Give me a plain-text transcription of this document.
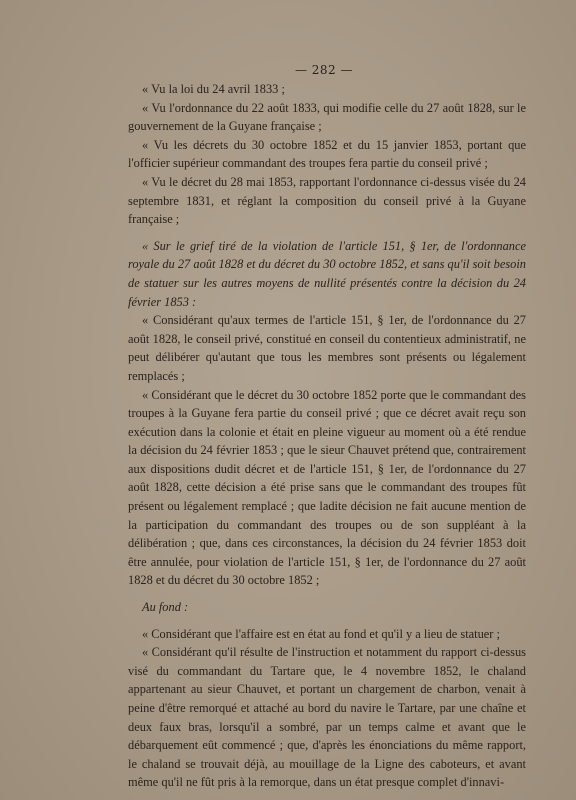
— 282 —

« Vu la loi du 24 avril 1833 ;

« Vu l'ordonnance du 22 août 1833, qui modifie celle du 27 août 1828, sur le gouvernement de la Guyane française ;

« Vu les décrets du 30 octobre 1852 et du 15 janvier 1853, portant que l'officier supérieur commandant des troupes fera partie du conseil privé ;

« Vu le décret du 28 mai 1853, rapportant l'ordonnance ci-dessus visée du 24 septembre 1831, et réglant la composition du conseil privé à la Guyane française ;

« Sur le grief tiré de la violation de l'article 151, § 1er, de l'ordonnance royale du 27 août 1828 et du décret du 30 octobre 1852, et sans qu'il soit besoin de statuer sur les autres moyens de nullité présentés contre la décision du 24 février 1853 :

« Considérant qu'aux termes de l'article 151, § 1er, de l'ordonnance du 27 août 1828, le conseil privé, constitué en conseil du contentieux administratif, ne peut délibérer qu'autant que tous les membres sont présents ou légalement remplacés ;

« Considérant que le décret du 30 octobre 1852 porte que le commandant des troupes à la Guyane fera partie du conseil privé ; que ce décret avait reçu son exécution dans la colonie et était en pleine vigueur au moment où a été rendue la décision du 24 février 1853 ; que le sieur Chauvet prétend que, contrairement aux dispositions dudit décret et de l'article 151, § 1er, de l'ordonnance du 27 août 1828, cette décision a été prise sans que le commandant des troupes fût présent ou légalement remplacé ; que ladite décision ne fait aucune mention de la participation du commandant des troupes ou de son suppléant à la délibération ; que, dans ces circonstances, la décision du 24 février 1853 doit être annulée, pour violation de l'article 151, § 1er, de l'ordonnance du 27 août 1828 et du décret du 30 octobre 1852 ;

Au fond :

« Considérant que l'affaire est en état au fond et qu'il y a lieu de statuer ;

« Considérant qu'il résulte de l'instruction et notamment du rapport ci-dessus visé du commandant du Tartare que, le 4 novembre 1852, le chaland appartenant au sieur Chauvet, et portant un chargement de charbon, venait à peine d'être remorqué et attaché au bord du navire le Tartare, par une chaîne et deux faux bras, lorsqu'il a sombré, par un temps calme et avant que le débarquement eût commencé ; que, d'après les énonciations du même rapport, le chaland se trouvait déjà, au mouillage de la Ligne des caboteurs, et avant même qu'il ne fût pris à la remorque, dans un état presque complet d'innavi-
